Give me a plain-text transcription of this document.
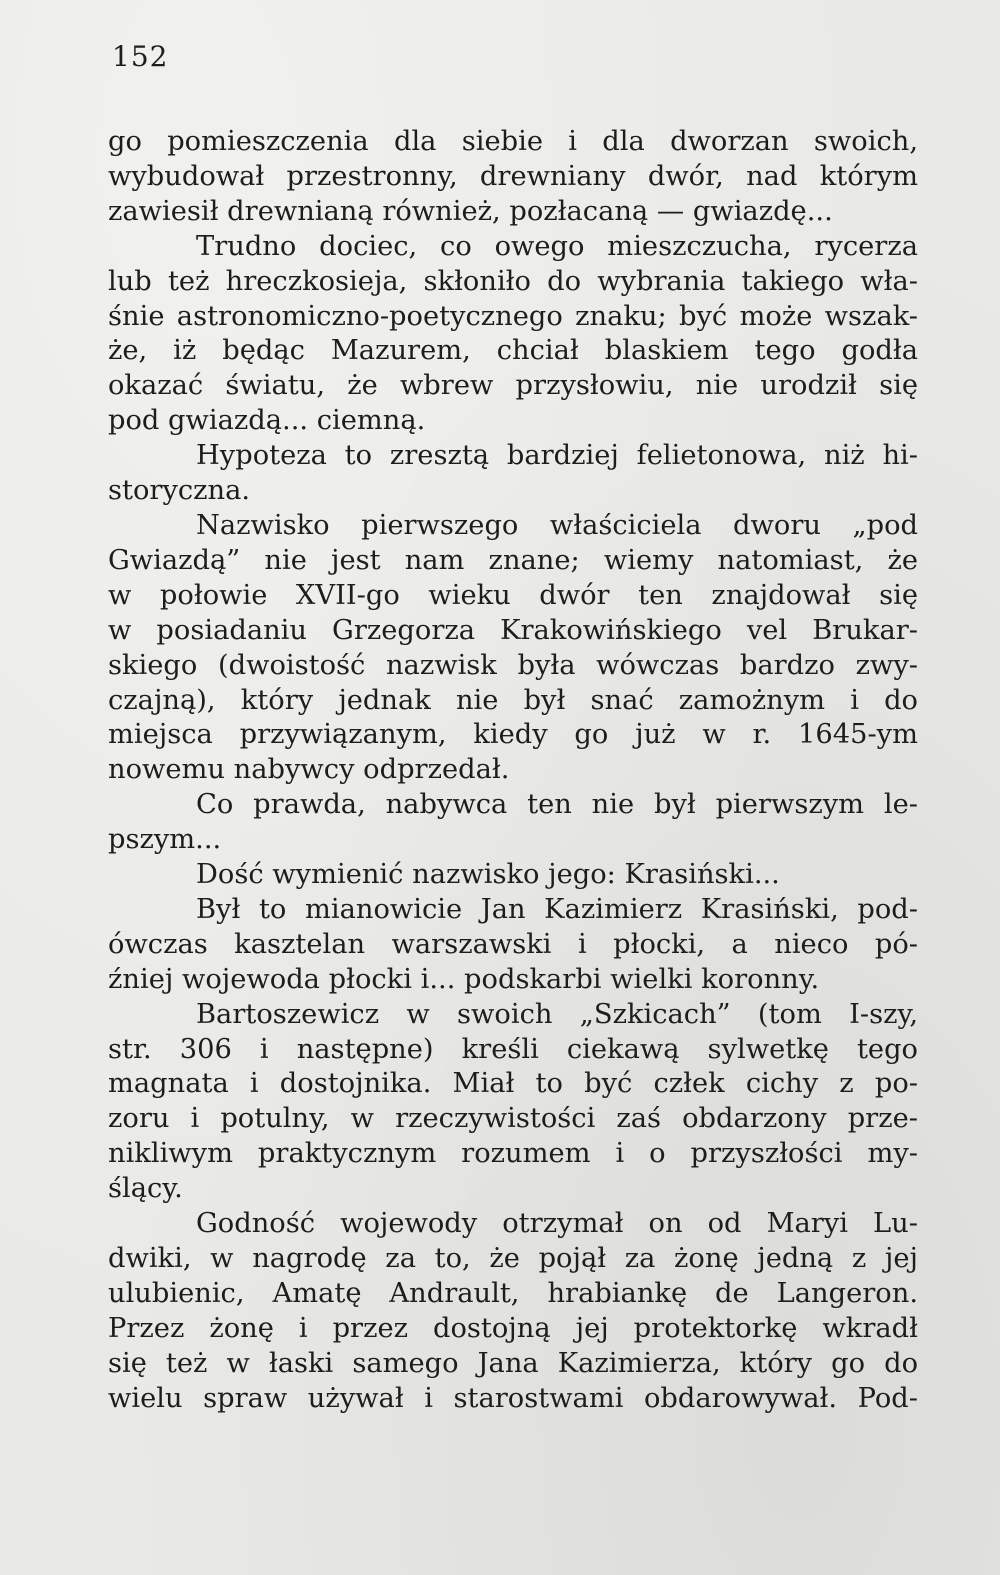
152
go pomieszczenia dla siebie i dla dworzan swoich,
wybudował przestronny, drewniany dwór, nad którym
zawiesił drewnianą również, pozłacaną — gwiazdę...
Trudno dociec, co owego mieszczucha, rycerza
lub też hreczkosieja, skłoniło do wybrania takiego wła-
śnie astronomiczno-poetycznego znaku; być może wszak-
że, iż będąc Mazurem, chciał blaskiem tego godła
okazać światu, że wbrew przysłowiu, nie urodził się
pod gwiazdą... ciemną.
Hypoteza to zresztą bardziej felietonowa, niż hi-
storyczna.
Nazwisko pierwszego właściciela dworu „pod
Gwiazdą” nie jest nam znane; wiemy natomiast, że
w połowie XVII-go wieku dwór ten znajdował się
w posiadaniu Grzegorza Krakowińskiego vel Brukar-
skiego (dwoistość nazwisk była wówczas bardzo zwy-
czajną), który jednak nie był snać zamożnym i do
miejsca przywiązanym, kiedy go już w r. 1645-ym
nowemu nabywcy odprzedał.
Co prawda, nabywca ten nie był pierwszym le-
pszym...
Dość wymienić nazwisko jego: Krasiński...
Był to mianowicie Jan Kazimierz Krasiński, pod-
ówczas kasztelan warszawski i płocki, a nieco pó-
źniej wojewoda płocki i... podskarbi wielki koronny.
Bartoszewicz w swoich „Szkicach” (tom I-szy,
str. 306 i następne) kreśli ciekawą sylwetkę tego
magnata i dostojnika. Miał to być człek cichy z po-
zoru i potulny, w rzeczywistości zaś obdarzony prze-
nikliwym praktycznym rozumem i o przyszłości my-
ślący.
Godność wojewody otrzymał on od Maryi Lu-
dwiki, w nagrodę za to, że pojął za żonę jedną z jej
ulubienic, Amatę Andrault, hrabiankę de Langeron.
Przez żonę i przez dostojną jej protektorkę wkradł
się też w łaski samego Jana Kazimierza, który go do
wielu spraw używał i starostwami obdarowywał. Pod-
